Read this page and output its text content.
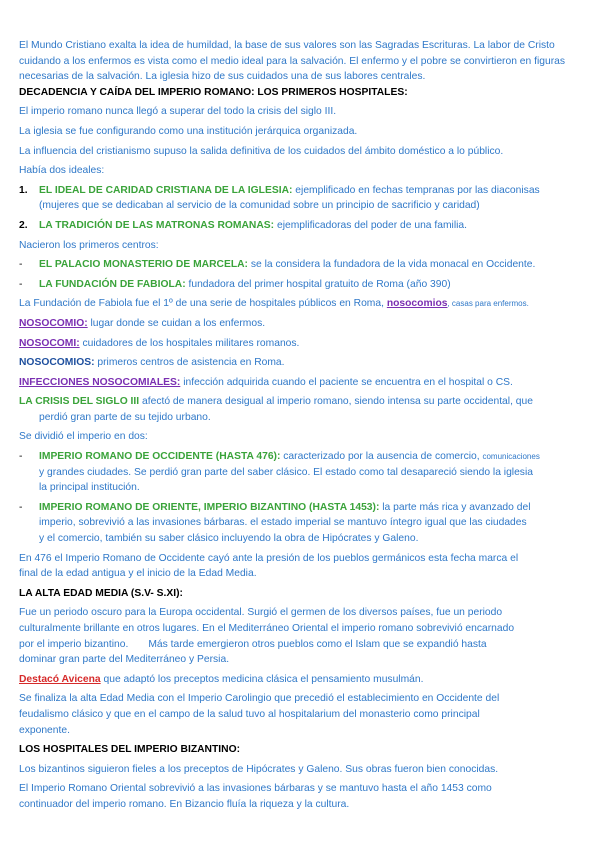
El Mundo Cristiano exalta la idea de humildad, la base de sus valores son las Sagradas Escrituras. La labor de Cristo cuidando a los enfermos es vista como el medio ideal para la salvación. El enfermo y el pobre se convirtieron en figuras necesarias de la salvación. La iglesia hizo de sus cuidados una de sus labores centrales.

DECADENCIA Y CAÍDA DEL IMPERIO ROMANO: LOS PRIMEROS HOSPITALES:

El imperio romano nunca llegó a superar del todo la crisis del siglo III.

La iglesia se fue configurando como una institución jerárquica organizada.

La influencia del cristianismo supuso la salida definitiva de los cuidados del ámbito doméstico a lo público.

Había dos ideales:

1.	EL IDEAL DE CARIDAD CRISTIANA DE LA IGLESIA: ejemplificado en fechas tempranas por las diaconisas
(mujeres que se dedicaban al servicio de la comunidad sobre un principio de sacrificio y caridad)
2.	LA TRADICIÓN DE LAS MATRONAS ROMANAS: ejemplificadoras del poder de una familia.

Nacieron los primeros centros:

-	EL PALACIO MONASTERIO DE MARCELA: se la considera la fundadora de la vida monacal en Occidente.
-	LA FUNDACIÓN DE FABIOLA: fundadora del primer hospital gratuito de Roma (año 390)

La Fundación de Fabiola fue el 1º de una serie de hospitales públicos en Roma, nosocomios, casas para enfermos.

NOSOCOMIO: lugar donde se cuidan a los enfermos.

NOSOCOMI: cuidadores de los hospitales militares romanos.

NOSOCOMIOS: primeros centros de asistencia en Roma.

INFECCIONES NOSOCOMIALES: infección adquirida cuando el paciente se encuentra en el hospital o CS.

LA CRISIS DEL SIGLO III afectó de manera desigual al imperio romano, siendo intensa su parte occidental, que
perdió gran parte de su tejido urbano.

Se dividió el imperio en dos:

-	IMPERIO ROMANO DE OCCIDENTE (HASTA 476): caracterizado por la ausencia de comercio, comunicaciones
y grandes ciudades. Se perdió gran parte del saber clásico. El estado como tal desapareció siendo la iglesia
la principal institución.
-	IMPERIO ROMANO DE ORIENTE, IMPERIO BIZANTINO (HASTA 1453): la parte más rica y avanzado del
imperio, sobrevivió a las invasiones bárbaras. el estado imperial se mantuvo íntegro igual que las ciudades
y el comercio, también su saber clásico incluyendo la obra de Hipócrates y Galeno.

En 476 el Imperio Romano de Occidente cayó ante la presión de los pueblos germánicos esta fecha marca el
final de la edad antigua y el inicio de la Edad Media.

LA ALTA EDAD MEDIA (S.V- S.XI):

Fue un periodo oscuro para la Europa occidental. Surgió el germen de los diversos países, fue un periodo
culturalmente brillante en otros lugares. En el Mediterráneo Oriental el imperio romano sobrevivió encarnado
por el imperio bizantino.       Más tarde emergieron otros pueblos como el Islam que se expandió hasta
dominar gran parte del Mediterráneo y Persia.

Destacó Avicena que adaptó los preceptos medicina clásica el pensamiento musulmán.

Se finaliza la alta Edad Media con el Imperio Carolingio que precedió el establecimiento en Occidente del
feudalismo clásico y que en el campo de la salud tuvo al hospitalarium del monasterio como principal
exponente.

LOS HOSPITALES DEL IMPERIO BIZANTINO:

Los bizantinos siguieron fieles a los preceptos de Hipócrates y Galeno. Sus obras fueron bien conocidas.

El Imperio Romano Oriental sobrevivió a las invasiones bárbaras y se mantuvo hasta el año 1453 como
continuador del imperio romano. En Bizancio fluía la riqueza y la cultura.
